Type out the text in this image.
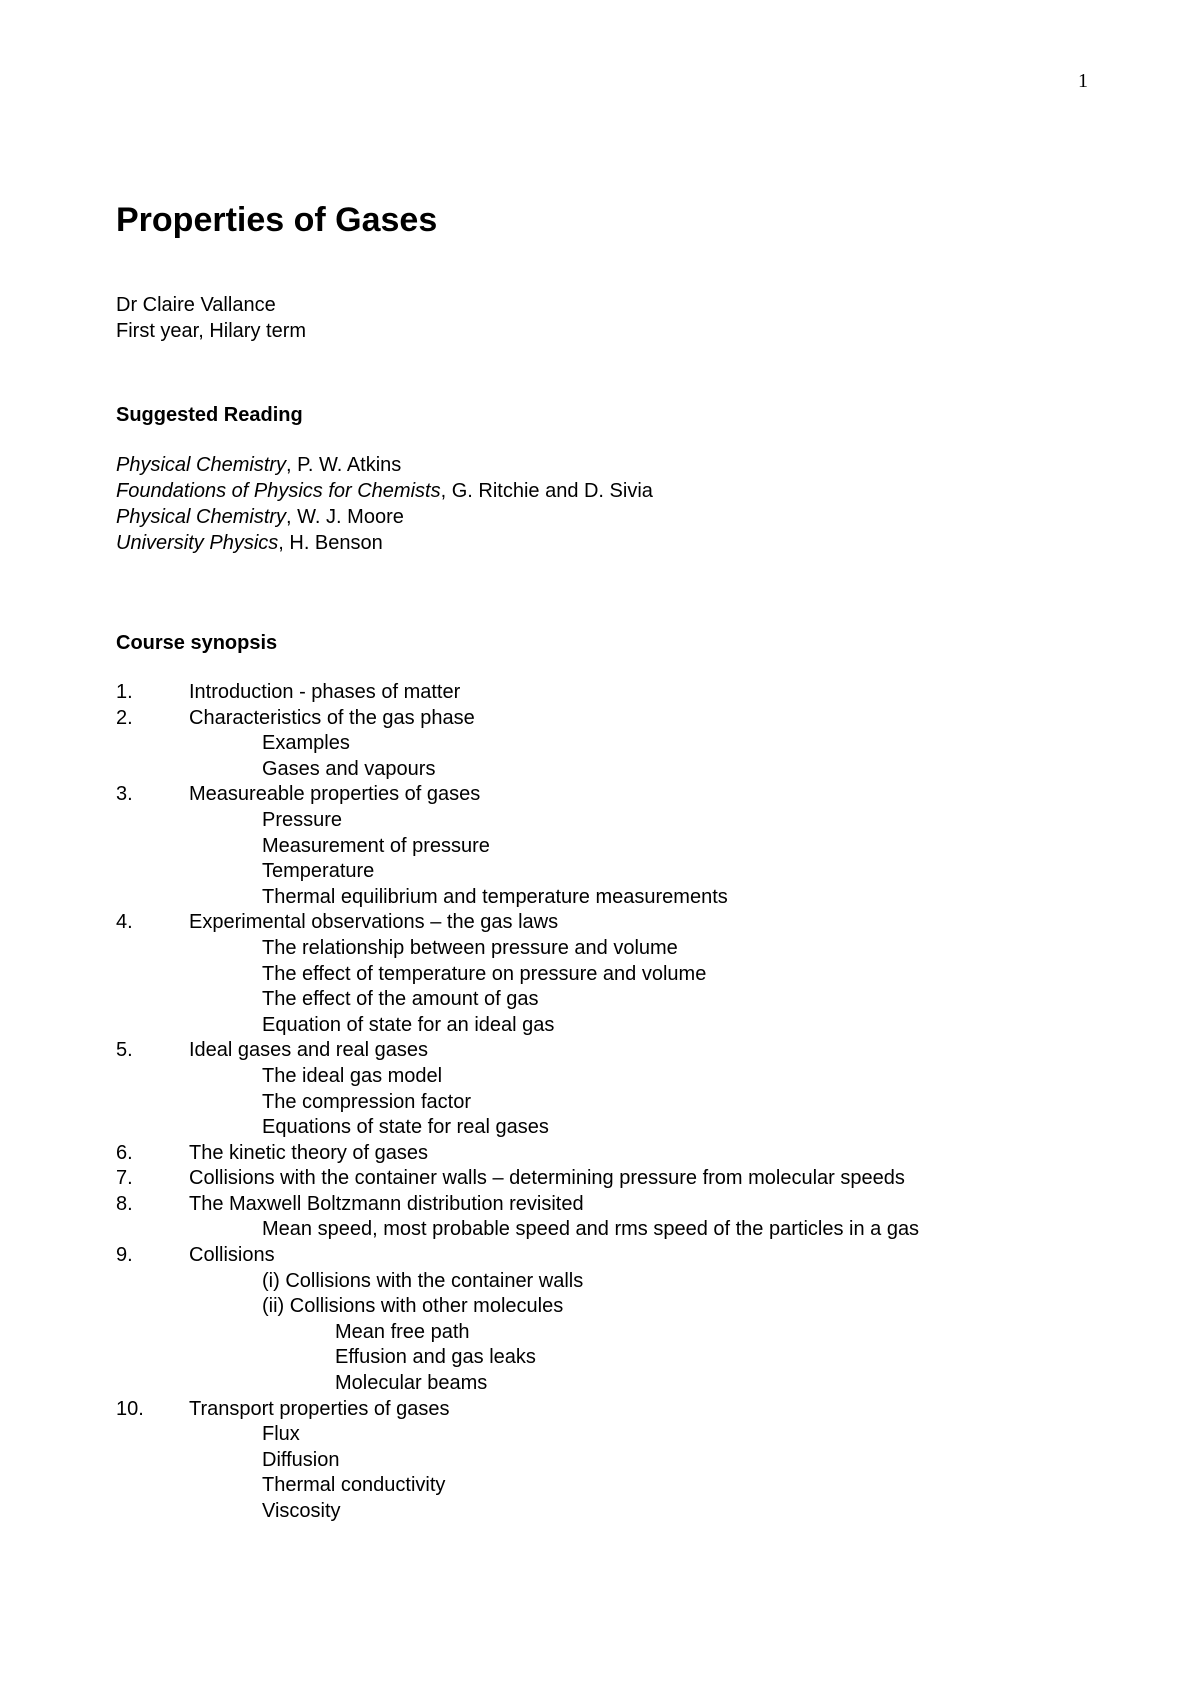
1
Properties of Gases
Dr Claire Vallance
First year, Hilary term
Suggested Reading
Physical Chemistry, P. W. Atkins
Foundations of Physics for Chemists, G. Ritchie and D. Sivia
Physical Chemistry, W. J. Moore
University Physics, H. Benson
Course synopsis
1.	Introduction - phases of matter
2.	Characteristics of the gas phase
Examples
Gases and vapours
3.	Measureable properties of gases
Pressure
Measurement of pressure
Temperature
Thermal equilibrium and temperature measurements
4.	Experimental observations – the gas laws
The relationship between pressure and volume
The effect of temperature on pressure and volume
The effect of the amount of gas
Equation of state for an ideal gas
5.	Ideal gases and real gases
The ideal gas model
The compression factor
Equations of state for real gases
6.	The kinetic theory of gases
7.	Collisions with the container walls – determining pressure from molecular speeds
8.	The Maxwell Boltzmann distribution revisited
Mean speed, most probable speed and rms speed of the particles in a gas
9.	Collisions
(i) Collisions with the container walls
(ii) Collisions with other molecules
Mean free path
Effusion and gas leaks
Molecular beams
10. Transport properties of gases
Flux
Diffusion
Thermal conductivity
Viscosity
